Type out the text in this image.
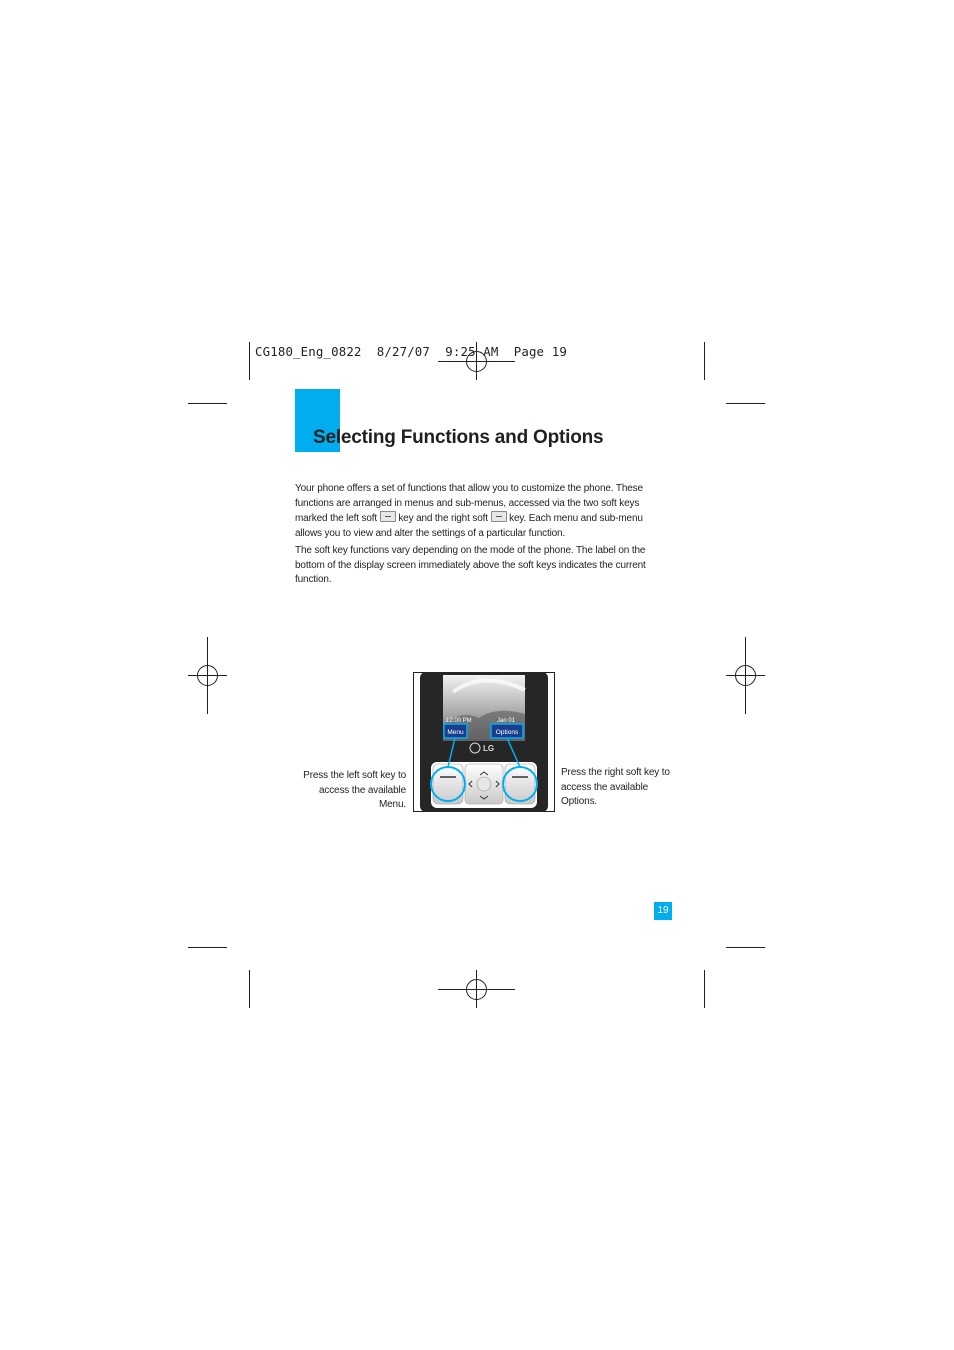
CG180_Eng_0822  8/27/07  9:25 AM  Page 19
Selecting Functions and Options

Your phone offers a set of functions that allow you to customize the phone. These functions are arranged in menus and sub-menus, accessed via the two soft keys marked the left soft key and the right soft key. Each menu and sub-menu allows you to view and alter the settings of a particular function.

The soft key functions vary depending on the mode of the phone. The label on the bottom of the display screen immediately above the soft keys indicates the current function.

Press the left soft key to
access the available
Menu.
Press the right soft key to
access the available
Options.
12:00 PM	Jan 01
Menu	Options
LG
19
